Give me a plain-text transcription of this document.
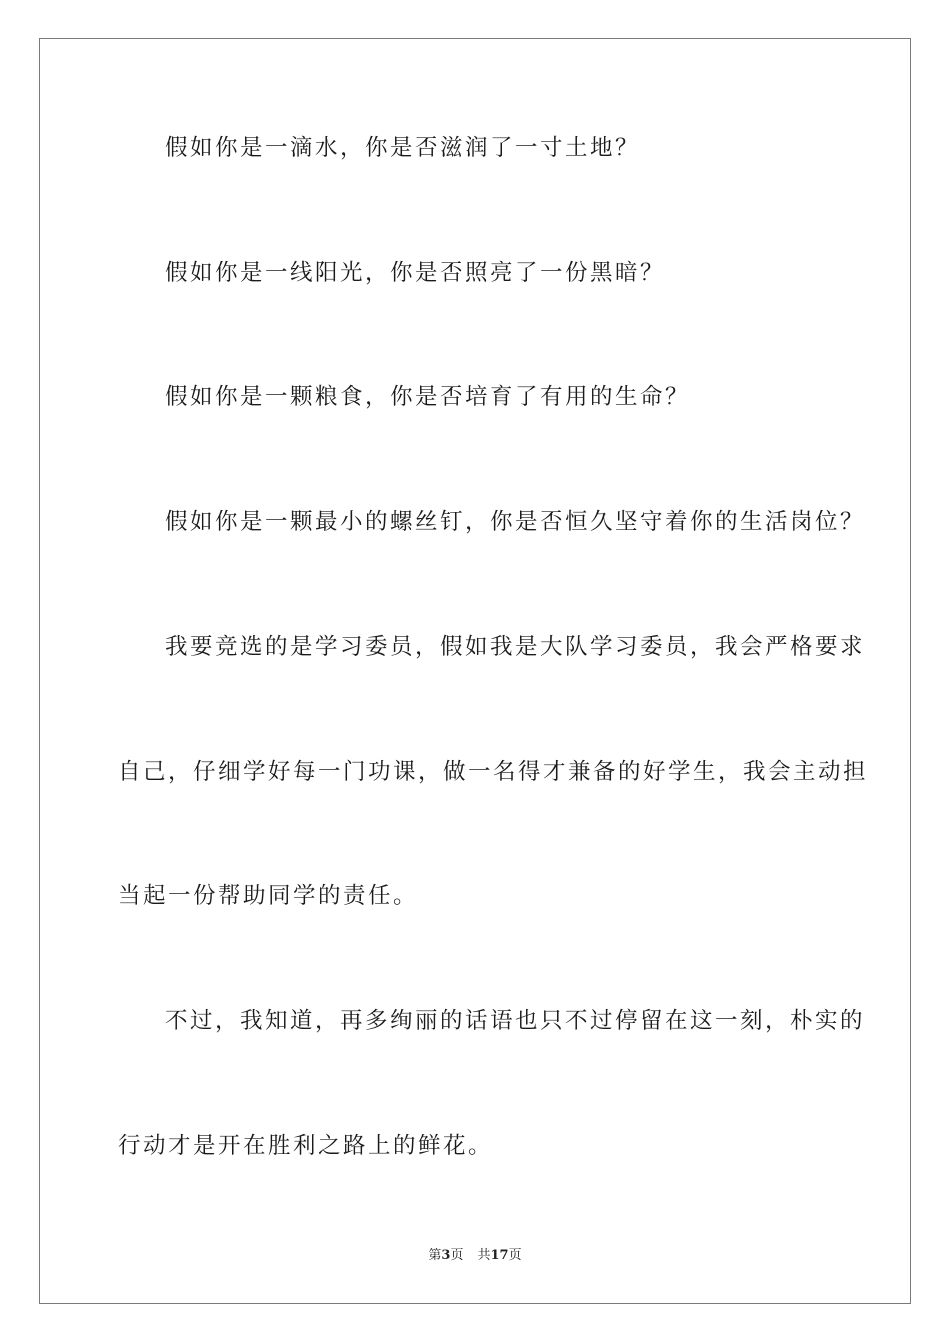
假如你是一滴水，你是否滋润了一寸土地？
假如你是一线阳光，你是否照亮了一份黑暗？
假如你是一颗粮食，你是否培育了有用的生命？
假如你是一颗最小的螺丝钉，你是否恒久坚守着你的生活岗位？
我要竞选的是学习委员，假如我是大队学习委员，我会严格要求
自己，仔细学好每一门功课，做一名得才兼备的好学生，我会主动担
当起一份帮助同学的责任。
不过，我知道，再多绚丽的话语也只不过停留在这一刻，朴实的
行动才是开在胜利之路上的鲜花。
第3页 共17页
